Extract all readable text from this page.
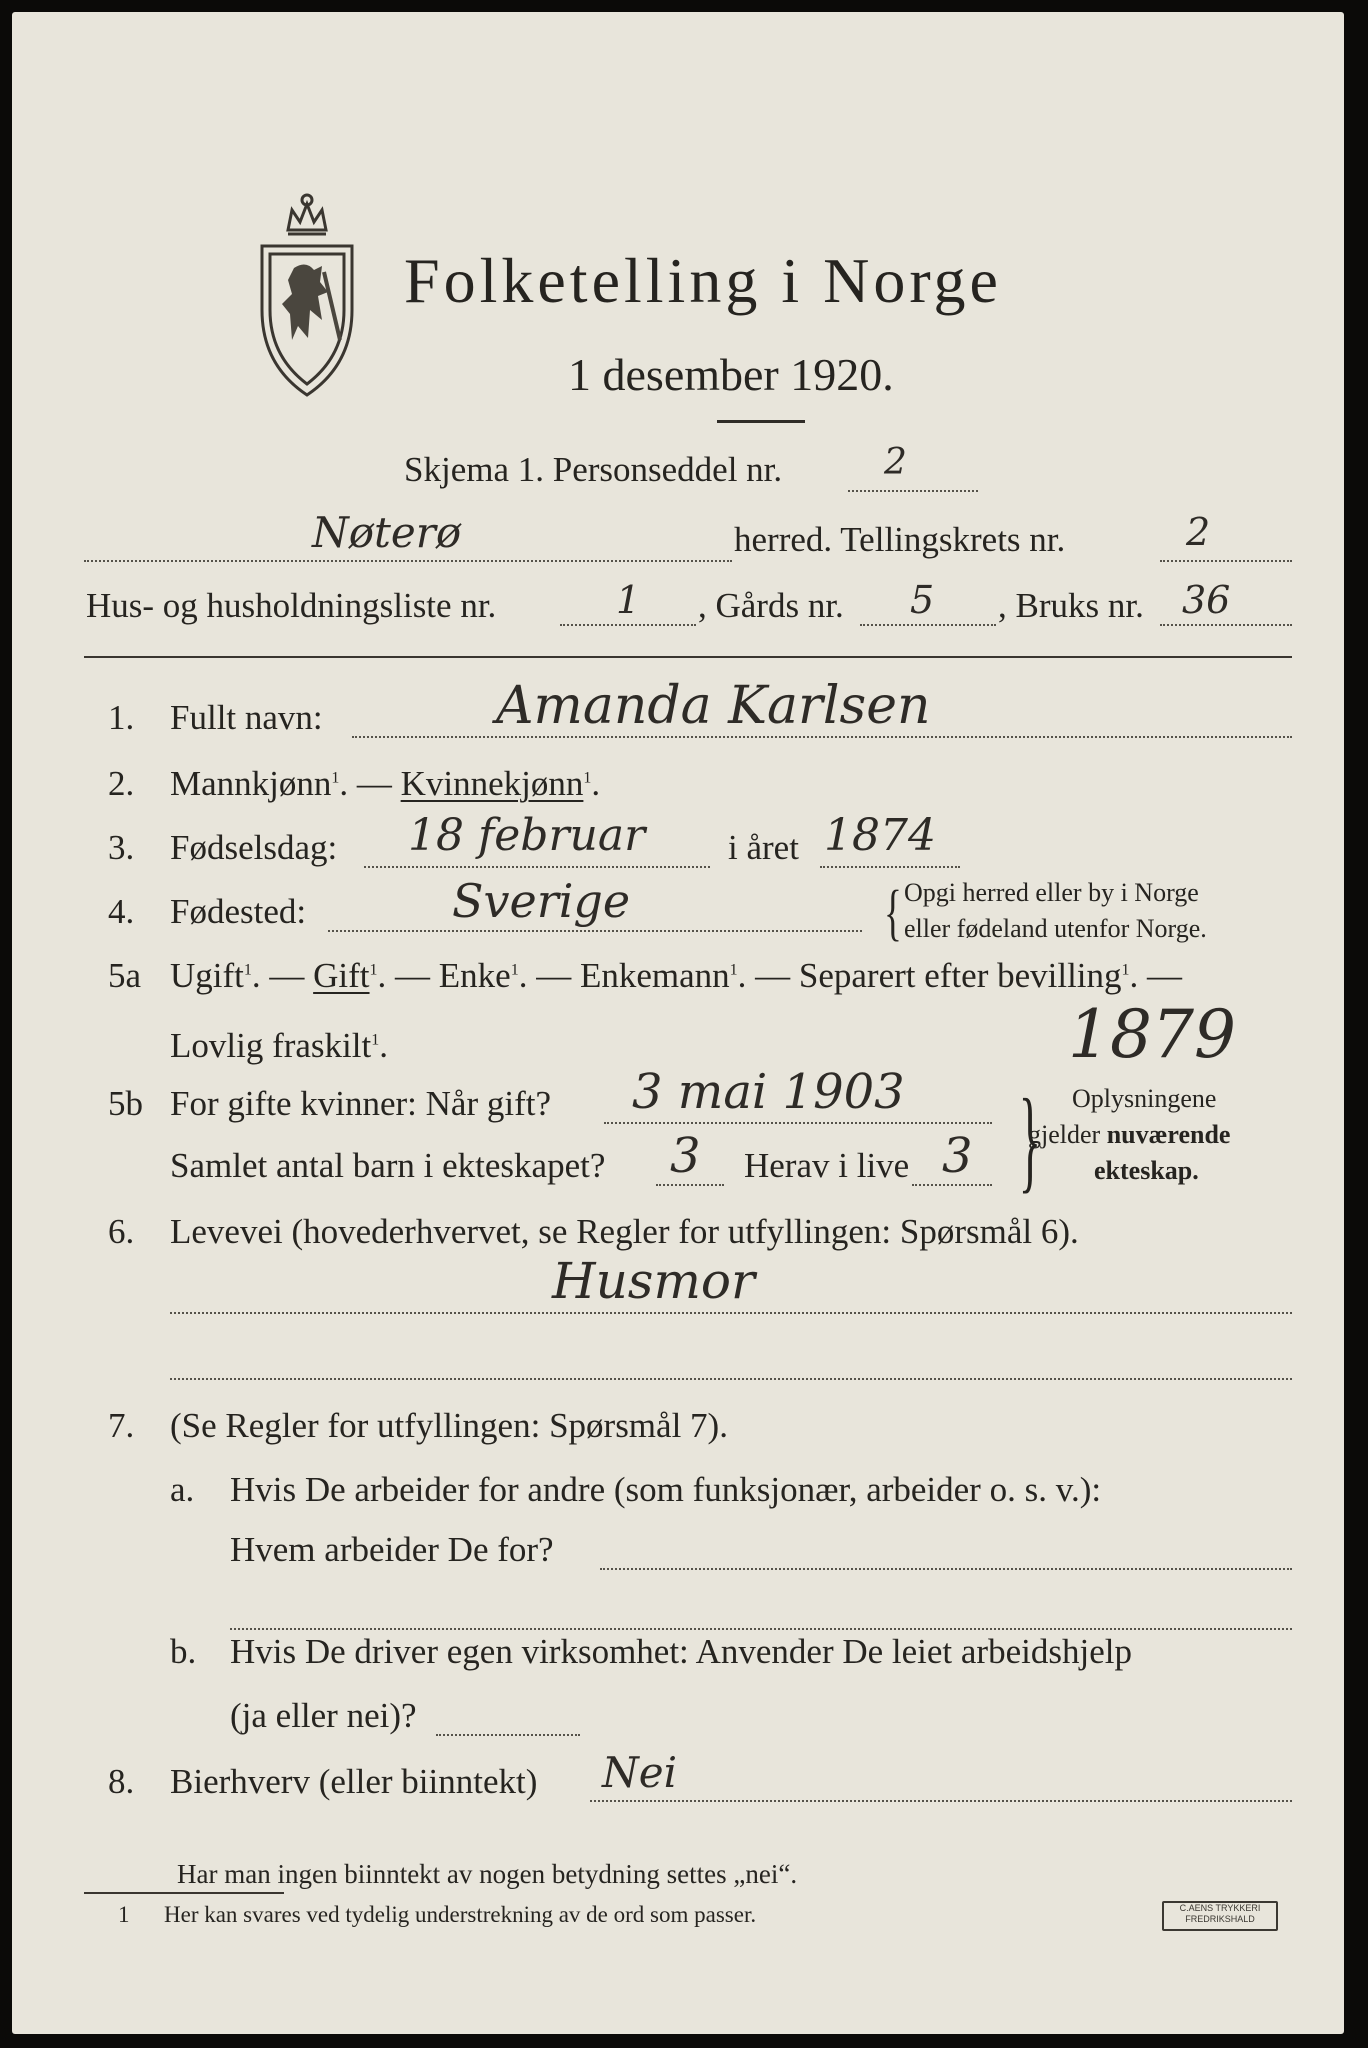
Folketelling i Norge
1 desember 1920.
Skjema 1. Personseddel nr.	2
Nøterø	herred. Tellingskrets nr.	2
Hus- og husholdningsliste nr.	1 , Gårds nr. 5 , Bruks nr. 36
1. Fullt navn:	Amanda Karlsen
2. Mannkjønn$^1$. — Kvinnekjønn$^1$.
3. Fødselsdag: 18 februar i året 1874
4. Fødested:	Sverige	{ Opgi herred eller by i Norge
eller fødeland utenfor Norge.
5a Ugift$^1$. — Gift$^1$. — Enke$^1$. — Enkemann$^1$. — Separert efter bevilling$^1$. —
Lovlig fraskilt$^1$.	1879
5b For gifte kvinner: Når gift? 3 mai 1903
Samlet antal barn i ekteskapet? 3 Herav i live 3 } Oplysningene
gjelder nuværende
ekteskap.
6. Levevei (hovederhvervet, se Regler for utfyllingen: Spørsmål 6).
Husmor
7. (Se Regler for utfyllingen: Spørsmål 7).
a. Hvis De arbeider for andre (som funksjonær, arbeider o. s. v.):
Hvem arbeider De for?
b. Hvis De driver egen virksomhet: Anvender De leiet arbeidshjelp
(ja eller nei)?
8. Bierhverv (eller biinntekt) Nei
Har man ingen biinntekt av nogen betydning settes „nei“.
1 Her kan svares ved tydelig understrekning av de ord som passer.	C.AENS TRYKKERI FREDRIKSHALD
